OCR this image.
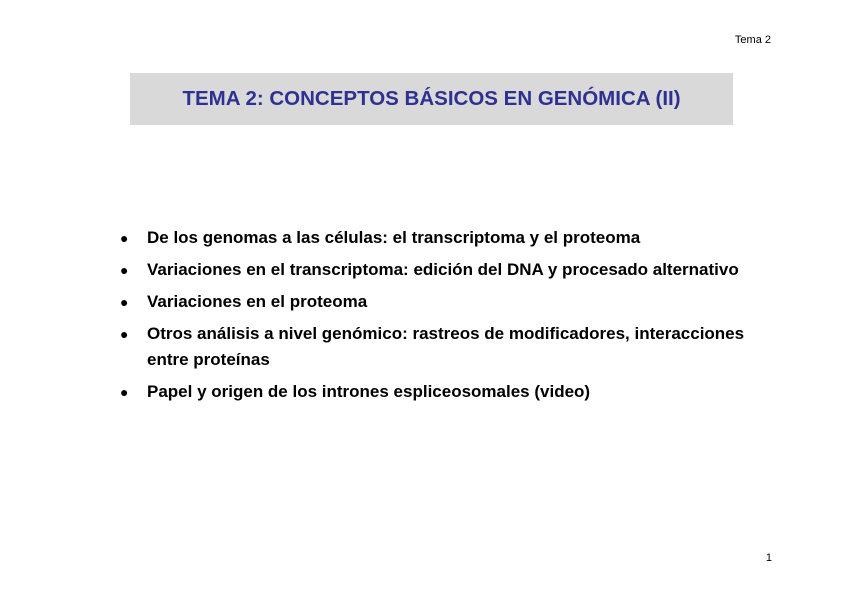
Tema 2
TEMA 2: CONCEPTOS BÁSICOS EN GENÓMICA (II)
●	De los genomas a las células: el transcriptoma y el proteoma
●	Variaciones en el transcriptoma: edición del DNA y procesado alternativo
●	Variaciones en el proteoma
●	Otros análisis a nivel genómico: rastreos de modificadores, interacciones entre proteínas
●	Papel y origen de los intrones espliceosomales (video)
1
